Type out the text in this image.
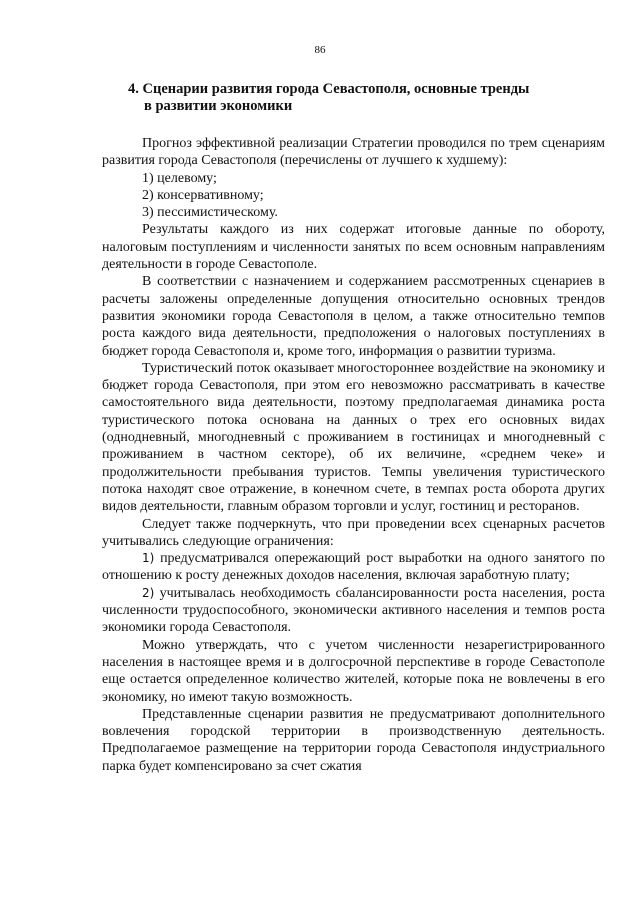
86
4. Сценарии развития города Севастополя, основные тренды
в развитии экономики

Прогноз эффективной реализации Стратегии проводился по трем сценариям развития города Севастополя (перечислены от лучшего к худшему):

1) целевому;

2) консервативному;

3) пессимистическому.

Результаты каждого из них содержат итоговые данные по обороту, налоговым поступлениям и численности занятых по всем основным направлениям деятельности в городе Севастополе.

В соответствии с назначением и содержанием рассмотренных сценариев в расчеты заложены определенные допущения относительно основных трендов развития экономики города Севастополя в целом, а также относительно темпов роста каждого вида деятельности, предположения о налоговых поступлениях в бюджет города Севастополя и, кроме того, информация о развитии туризма.

Туристический поток оказывает многостороннее воздействие на экономику и бюджет города Севастополя, при этом его невозможно рассматривать в качестве самостоятельного вида деятельности, поэтому предполагаемая динамика роста туристического потока основана на данных о трех его основных видах (однодневный, многодневный с проживанием в гостиницах и многодневный с проживанием в частном секторе), об их величине, «среднем чеке» и продолжительности пребывания туристов. Темпы увеличения туристического потока находят свое отражение, в конечном счете, в темпах роста оборота других видов деятельности, главным образом торговли и услуг, гостиниц и ресторанов.

Следует также подчеркнуть, что при проведении всех сценарных расчетов учитывались следующие ограничения:

1) предусматривался опережающий рост выработки на одного занятого по отношению к росту денежных доходов населения, включая заработную плату;

2) учитывалась необходимость сбалансированности роста населения, роста численности трудоспособного, экономически активного населения и темпов роста экономики города Севастополя.

Можно утверждать, что с учетом численности незарегистрированного населения в настоящее время и в долгосрочной перспективе в городе Севастополе еще остается определенное количество жителей, которые пока не вовлечены в его экономику, но имеют такую возможность.

Представленные сценарии развития не предусматривают дополнительного вовлечения городской территории в производственную деятельность. Предполагаемое размещение на территории города Севастополя индустриального парка будет компенсировано за счет сжатия
